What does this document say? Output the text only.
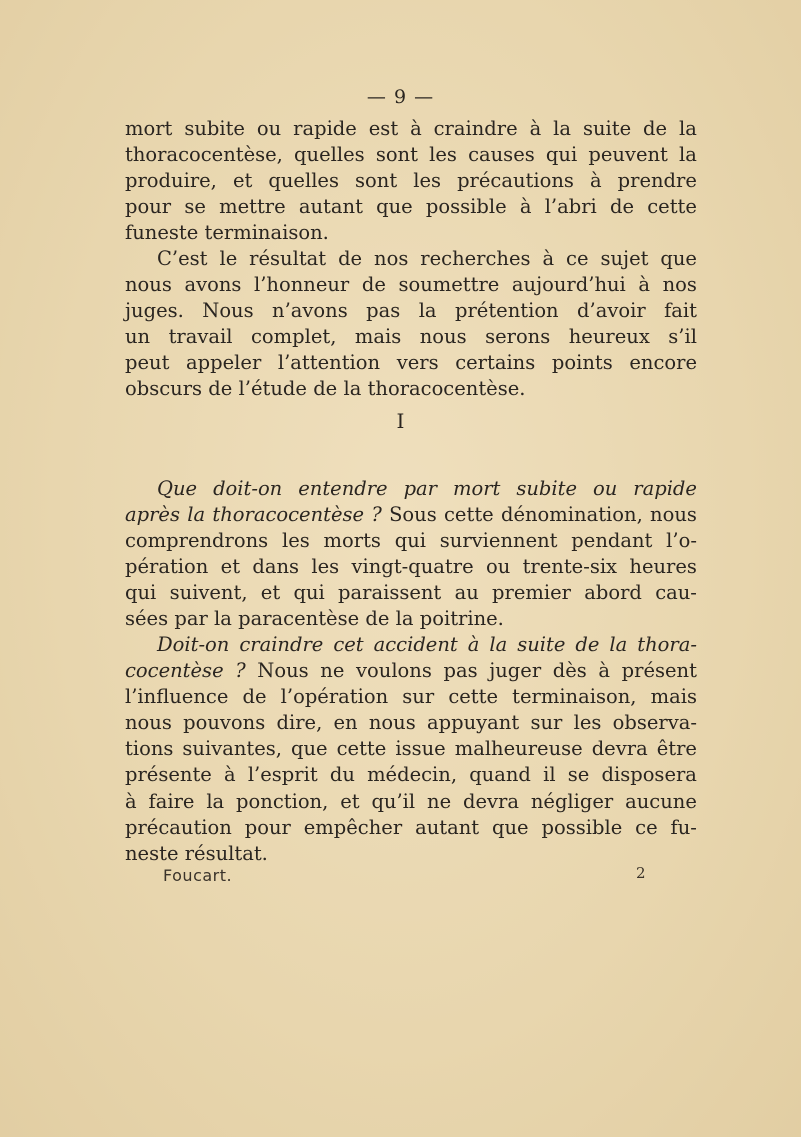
— 9 —
mort subite ou rapide est à craindre à la suite de la
thoracocentèse, quelles sont les causes qui peuvent la
produire, et quelles sont les précautions à prendre
pour se mettre autant que possible à l’abri de cette
funeste terminaison.
C’est le résultat de nos recherches à ce sujet que
nous avons l’honneur de soumettre aujourd’hui à nos
juges. Nous n’avons pas la prétention d’avoir fait
un travail complet, mais nous serons heureux s’il
peut appeler l’attention vers certains points encore
obscurs de l’étude de la thoracocentèse.
I
Que doit-on entendre par mort subite ou rapide
après la thoracocentèse ? Sous cette dénomination, nous
comprendrons les morts qui surviennent pendant l’o-
pération et dans les vingt-quatre ou trente-six heures
qui suivent, et qui paraissent au premier abord cau-
sées par la paracentèse de la poitrine.
Doit-on craindre cet accident à la suite de la thora-
cocentèse ? Nous ne voulons pas juger dès à présent
l’influence de l’opération sur cette terminaison, mais
nous pouvons dire, en nous appuyant sur les observa-
tions suivantes, que cette issue malheureuse devra être
présente à l’esprit du médecin, quand il se disposera
à faire la ponction, et qu’il ne devra négliger aucune
précaution pour empêcher autant que possible ce fu-
neste résultat.
Foucart.	2
